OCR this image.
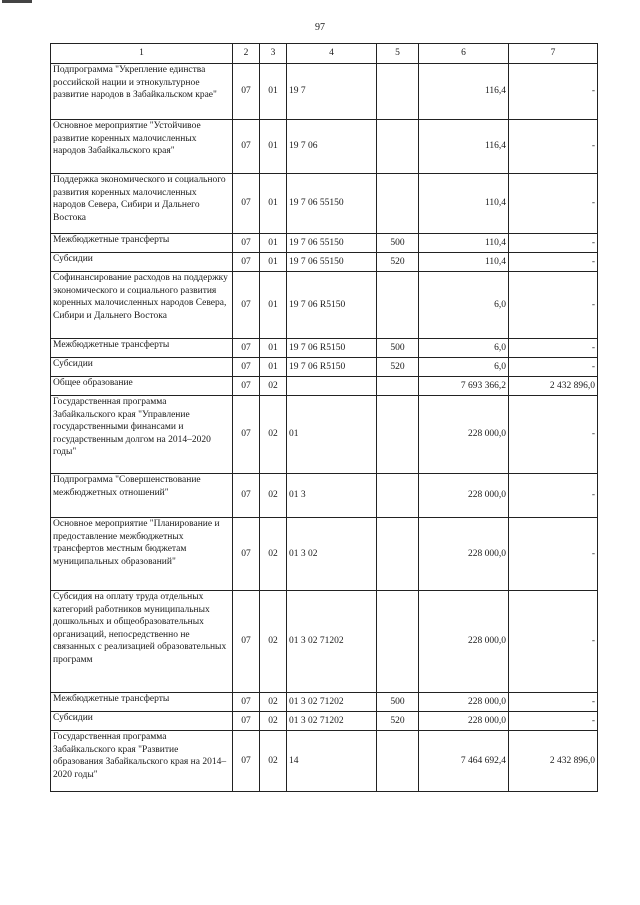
97
1	2	3	4	5	6	7
Подпрограмма "Укрепление единства российской нации и этнокультурное развитие народов в Забайкальском крае"	07	01	19 7		116,4	-
Основное мероприятие "Устойчивое развитие коренных малочисленных народов Забайкальского края"	07	01	19 7 06		116,4	-
Поддержка экономического и социального развития коренных малочисленных народов Севера, Сибири и Дальнего Востока	07	01	19 7 06 55150		110,4	-
Межбюджетные трансферты	07	01	19 7 06 55150	500	110,4	-
Субсидии	07	01	19 7 06 55150	520	110,4	-
Софинансирование расходов на поддержку экономического и социального развития коренных малочисленных народов Севера, Сибири и Дальнего Востока	07	01	19 7 06 R5150		6,0	-
Межбюджетные трансферты	07	01	19 7 06 R5150	500	6,0	-
Субсидии	07	01	19 7 06 R5150	520	6,0	-
Общее образование	07	02			7 693 366,2	2 432 896,0
Государственная программа Забайкальского края "Управление государственными финансами и государственным долгом на 2014–2020 годы"	07	02	01		228 000,0	-
Подпрограмма "Совершенствование межбюджетных отношений"	07	02	01 3		228 000,0	-
Основное мероприятие "Планирование и предоставление межбюджетных трансфертов местным бюджетам муниципальных образований"	07	02	01 3 02		228 000,0	-
Субсидия на оплату труда отдельных категорий работников муниципальных дошкольных и общеобразовательных организаций, непосредственно не связанных с реализацией образовательных программ	07	02	01 3 02 71202		228 000,0	-
Межбюджетные трансферты	07	02	01 3 02 71202	500	228 000,0	-
Субсидии	07	02	01 3 02 71202	520	228 000,0	-
Государственная программа Забайкальского края "Развитие образования Забайкальского края на 2014–2020 годы"	07	02	14		7 464 692,4	2 432 896,0
